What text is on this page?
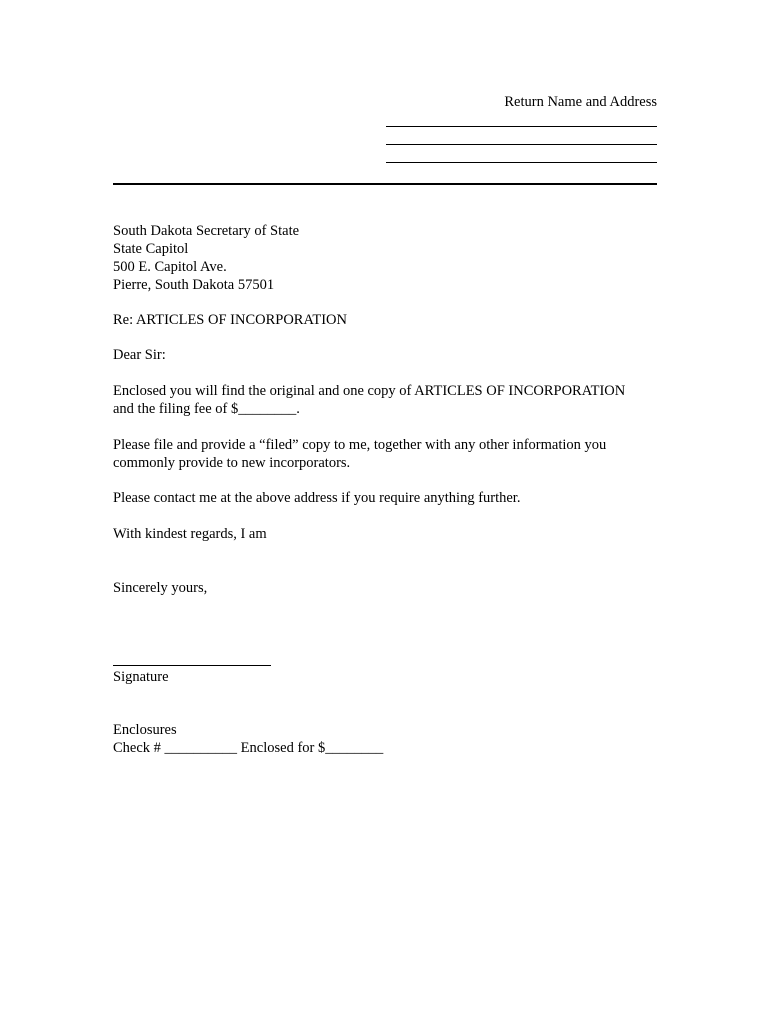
Return Name and Address
South Dakota Secretary of State
State Capitol
500 E. Capitol Ave.
Pierre, South Dakota 57501
Re: ARTICLES OF INCORPORATION
Dear Sir:
Enclosed you will find the original and one copy of ARTICLES OF INCORPORATION
and the filing fee of $________.
Please file and provide a “filed” copy to me, together with any other information you
commonly provide to new incorporators.
Please contact me at the above address if you require anything further.
With kindest regards, I am
Sincerely yours,
Signature
Enclosures
Check # __________ Enclosed for $________
